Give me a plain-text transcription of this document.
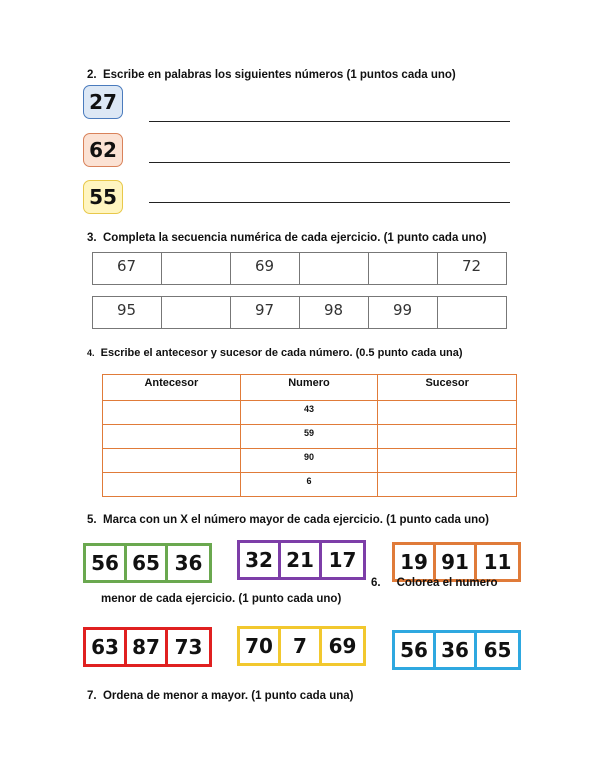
2. Escribe en palabras los siguientes números (1 puntos cada uno)
27
62
55
3. Completa la secuencia numérica de cada ejercicio. (1 punto cada uno)
67		69			72
95		97	98	99	
4. Escribe el antecesor y sucesor de cada número. (0.5 punto cada una)
Antecesor	Numero	Sucesor
	43	
	59	
	90	
	6	
5. Marca con un X el número mayor de cada ejercicio. (1 punto cada uno)
56 65 36	32 21 17	19 91 11
6. Colorea el numero
menor de cada ejercicio. (1 punto cada uno)
63 87 73	70	7	69	56 36 65
7. Ordena de menor a mayor. (1 punto cada una)
